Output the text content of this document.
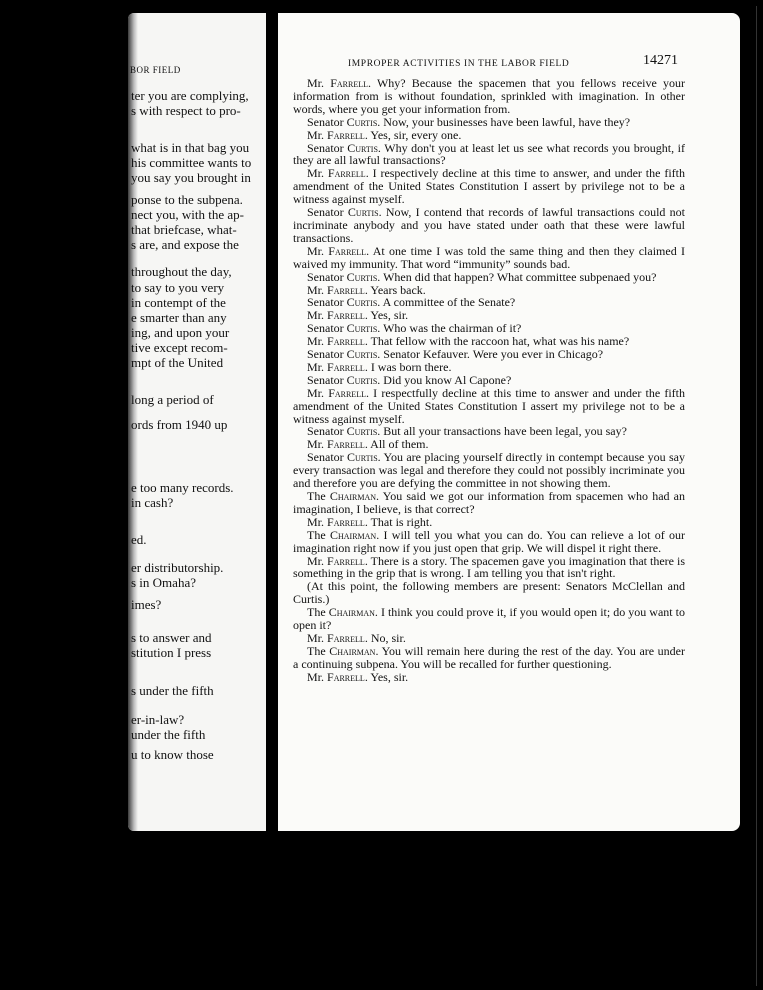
BOR FIELD
ter you are complying,
s with respect to pro-
what is in that bag you
his committee wants to
you say you brought in
ponse to the subpena.
nect you, with the ap-
that briefcase, what-
s are, and expose the
throughout the day,
to say to you very
in contempt of the
e smarter than any
ing, and upon your
tive except recom-
mpt of the United
long a period of
ords from 1940 up
e too many records.
in cash?
ed.
er distributorship.
s in Omaha?
imes?
s to answer and
stitution I press
s under the fifth
er-in-law?
under the fifth
u to know those
IMPROPER ACTIVITIES IN THE LABOR FIELD	14271

Mr. Farrell. Why? Because the spacemen that you fellows receive your information from is without foundation, sprinkled with imagination. In other words, where you get your information from.

Senator Curtis. Now, your businesses have been lawful, have they?

Mr. Farrell. Yes, sir, every one.

Senator Curtis. Why don't you at least let us see what records you brought, if they are all lawful transactions?

Mr. Farrell. I respectively decline at this time to answer, and under the fifth amendment of the United States Constitution I assert by privilege not to be a witness against myself.

Senator Curtis. Now, I contend that records of lawful transactions could not incriminate anybody and you have stated under oath that these were lawful transactions.

Mr. Farrell. At one time I was told the same thing and then they claimed I waived my immunity. That word “immunity” sounds bad.

Senator Curtis. When did that happen? What committee subpenaed you?

Mr. Farrell. Years back.

Senator Curtis. A committee of the Senate?

Mr. Farrell. Yes, sir.

Senator Curtis. Who was the chairman of it?

Mr. Farrell. That fellow with the raccoon hat, what was his name?

Senator Curtis. Senator Kefauver. Were you ever in Chicago?

Mr. Farrell. I was born there.

Senator Curtis. Did you know Al Capone?

Mr. Farrell. I respectfully decline at this time to answer and under the fifth amendment of the United States Constitution I assert my privilege not to be a witness against myself.

Senator Curtis. But all your transactions have been legal, you say?

Mr. Farrell. All of them.

Senator Curtis. You are placing yourself directly in contempt because you say every transaction was legal and therefore they could not possibly incriminate you and therefore you are defying the committee in not showing them.

The Chairman. You said we got our information from spacemen who had an imagination, I believe, is that correct?

Mr. Farrell. That is right.

The Chairman. I will tell you what you can do. You can relieve a lot of our imagination right now if you just open that grip. We will dispel it right there.

Mr. Farrell. There is a story. The spacemen gave you imagination that there is something in the grip that is wrong. I am telling you that isn't right.

(At this point, the following members are present: Senators McClellan and Curtis.)

The Chairman. I think you could prove it, if you would open it; do you want to open it?

Mr. Farrell. No, sir.

The Chairman. You will remain here during the rest of the day. You are under a continuing subpena. You will be recalled for further questioning.

Mr. Farrell. Yes, sir.
